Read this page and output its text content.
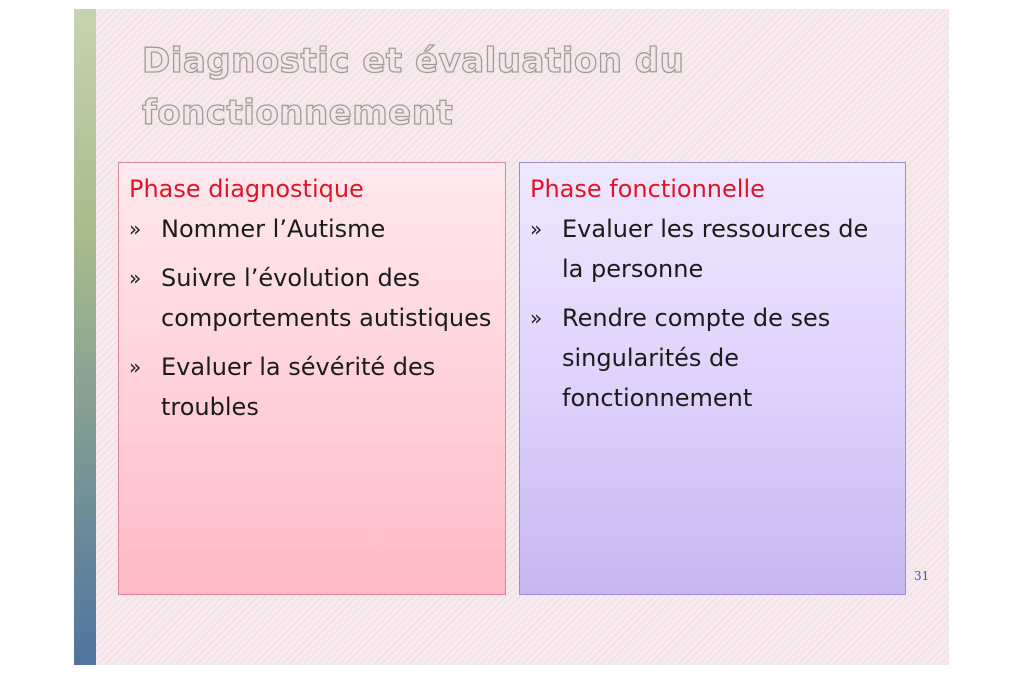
Diagnostic et évaluation du fonctionnement
Phase diagnostique
» Nommer l’Autisme
» Suivre l’évolution des comportements autistiques
» Evaluer la sévérité des troubles
Phase fonctionnelle
» Evaluer les ressources de la personne
» Rendre compte de ses singularités de fonctionnement
31
